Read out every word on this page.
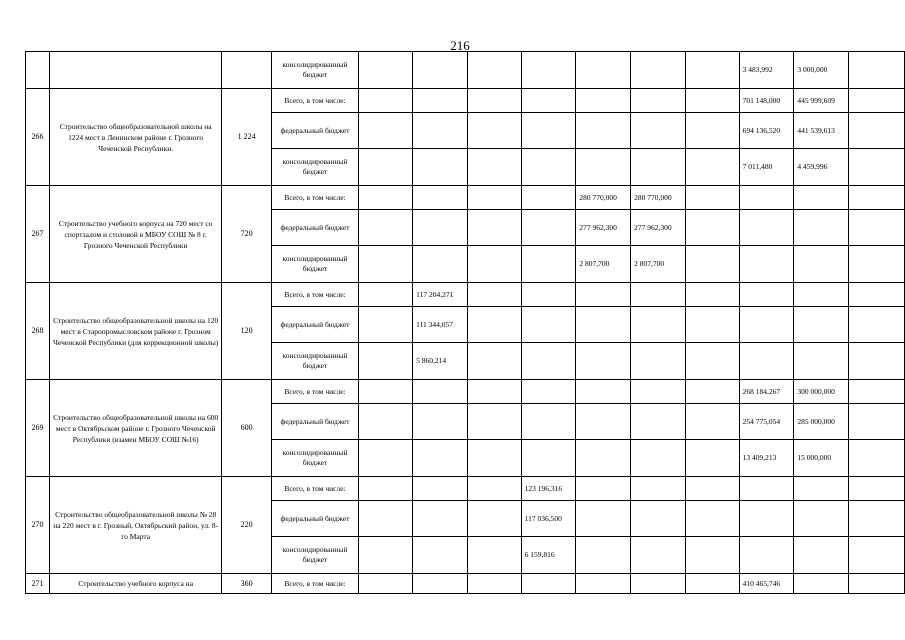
216
			консолидированный бюджет								3 483,992	3 000,000	
266	Строительство общеобразовательной школы на 1224 мест в Ленинском районе г. Грозного Чеченской Республики.	1 224	Всего, в том числе:								701 148,000	445 999,609	
			федеральный бюджет								694 136,520	441 539,613	
			консолидированный бюджет								7 011,480	4 459,996	
267	Строительство учебного корпуса на 720 мест со спортзалом и столовой в МБОУ СОШ № 8 г. Грозного Чеченской Республики	720	Всего, в том числе:					280 770,000	280 770,000				
			федеральный бюджет					277 962,300	277 962,300				
			консолидированный бюджет					2 807,700	2 807,700				
268	Строительство общеобразовательной школы на 120 мест в Старопромысловском районе г. Грозном Чеченской Республики (для коррекционной школы)	120	Всего, в том числе:		117 204,271								
			федеральный бюджет		111 344,057								
			консолидированный бюджет		5 860,214								
269	Строительство общеобразовательной школы на 600 мест в Октябрьском районе г. Грозного Чеченской Республики (взамен МБОУ СОШ №16)	600	Всего, в том числе:								268 184,267	300 000,000	
			федеральный бюджет								254 775,054	285 000,000	
			консолидированный бюджет								13 409,213	15 000,000	
270	Строительство общеобразовательной школы № 28 на 220 мест в г. Грозный, Октябрьский район, ул. 8-го Марта	220	Всего, в том числе:				123 196,316						
			федеральный бюджет				117 036,500						
			консолидированный бюджет				6 159,816						
271	Строительство учебного корпуса на	360	Всего, в том числе:								410 465,746		
